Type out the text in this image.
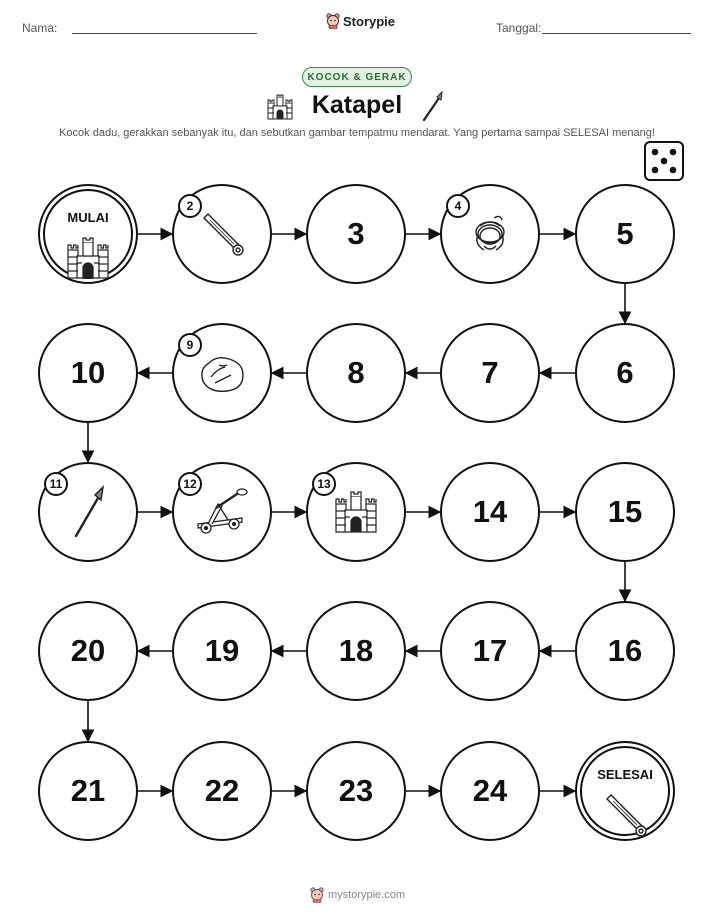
Nama:	Storypie	Tanggal:
KOCOK & GERAK
Katapel
Kocok dadu, gerakkan sebanyak itu, dan sebutkan gambar tempatmu mendarat. Yang pertama sampai SELESAI menang!
MULAI
2
3
4
5
6
7
8
9
10
11	12	13
14	15
16
17
18
19
20
21	22	23	24	SELESAI
mystorypie.com
